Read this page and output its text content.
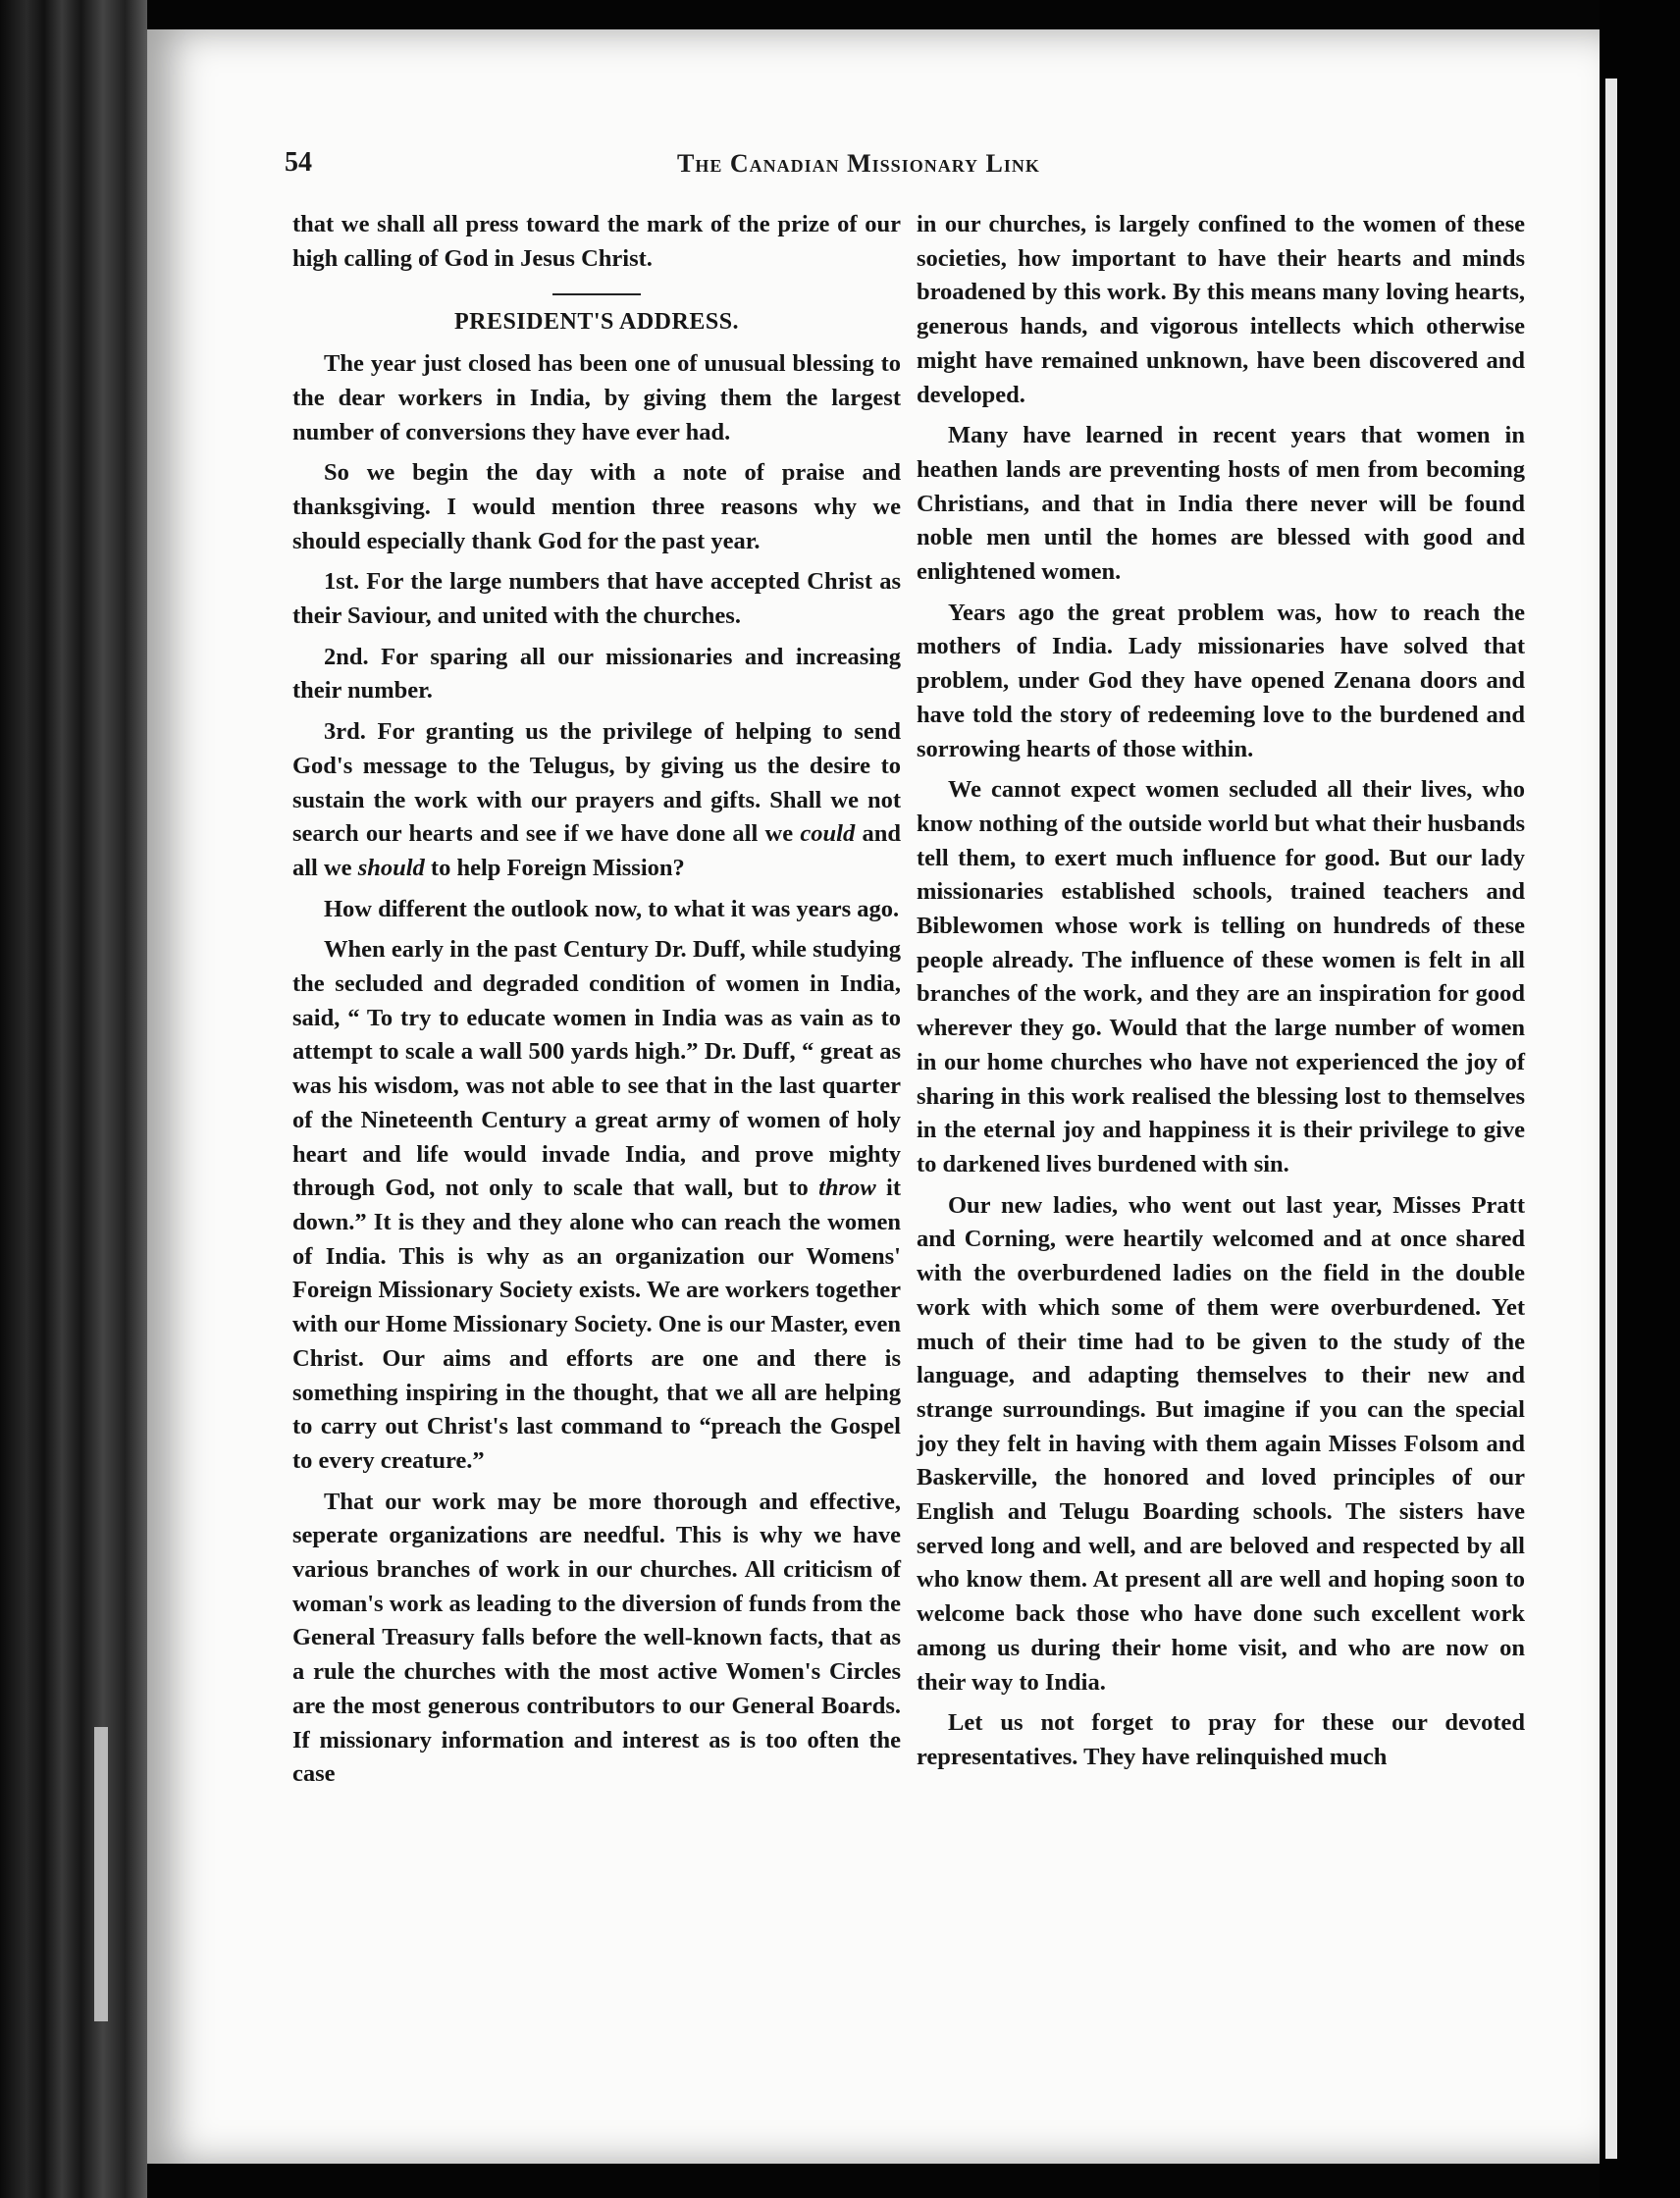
54	The Canadian Missionary Link

that we shall all press toward the mark of the prize of our high calling of God in Jesus Christ.

PRESIDENT'S ADDRESS.

The year just closed has been one of unusual blessing to the dear workers in India, by giving them the largest number of conversions they have ever had.

So we begin the day with a note of praise and thanksgiving. I would mention three reasons why we should especially thank God for the past year.

1st. For the large numbers that have accepted Christ as their Saviour, and united with the churches.

2nd. For sparing all our missionaries and increasing their number.

3rd. For granting us the privilege of helping to send God's message to the Telugus, by giving us the desire to sustain the work with our prayers and gifts. Shall we not search our hearts and see if we have done all we could and all we should to help Foreign Mission?

How different the outlook now, to what it was years ago.

When early in the past Century Dr. Duff, while studying the secluded and degraded condition of women in India, said, “ To try to educate women in India was as vain as to attempt to scale a wall 500 yards high.” Dr. Duff, “ great as was his wisdom, was not able to see that in the last quarter of the Nineteenth Century a great army of women of holy heart and life would invade India, and prove mighty through God, not only to scale that wall, but to throw it down.” It is they and they alone who can reach the women of India. This is why as an organization our Womens' Foreign Missionary Society exists. We are workers together with our Home Missionary Society. One is our Master, even Christ. Our aims and efforts are one and there is something inspiring in the thought, that we all are helping to carry out Christ's last command to “preach the Gospel to every creature.”

That our work may be more thorough and effective, seperate organizations are needful. This is why we have various branches of work in our churches. All criticism of woman's work as leading to the diversion of funds from the General Treasury falls before the well-known facts, that as a rule the churches with the most active Women's Circles are the most generous contributors to our General Boards. If missionary information and interest as is too often the case

in our churches, is largely confined to the women of these societies, how important to have their hearts and minds broadened by this work. By this means many loving hearts, generous hands, and vigorous intellects which otherwise might have remained unknown, have been discovered and developed.

Many have learned in recent years that women in heathen lands are preventing hosts of men from becoming Christians, and that in India there never will be found noble men until the homes are blessed with good and enlightened women.

Years ago the great problem was, how to reach the mothers of India. Lady missionaries have solved that problem, under God they have opened Zenana doors and have told the story of redeeming love to the burdened and sorrowing hearts of those within.

We cannot expect women secluded all their lives, who know nothing of the outside world but what their husbands tell them, to exert much influence for good. But our lady missionaries established schools, trained teachers and Biblewomen whose work is telling on hundreds of these people already. The influence of these women is felt in all branches of the work, and they are an inspiration for good wherever they go. Would that the large number of women in our home churches who have not experienced the joy of sharing in this work realised the blessing lost to themselves in the eternal joy and happiness it is their privilege to give to darkened lives burdened with sin.

Our new ladies, who went out last year, Misses Pratt and Corning, were heartily welcomed and at once shared with the overburdened ladies on the field in the double work with which some of them were overburdened. Yet much of their time had to be given to the study of the language, and adapting themselves to their new and strange surroundings. But imagine if you can the special joy they felt in having with them again Misses Folsom and Baskerville, the honored and loved principles of our English and Telugu Boarding schools. The sisters have served long and well, and are beloved and respected by all who know them. At present all are well and hoping soon to welcome back those who have done such excellent work among us during their home visit, and who are now on their way to India.

Let us not forget to pray for these our devoted representatives. They have relinquished much
